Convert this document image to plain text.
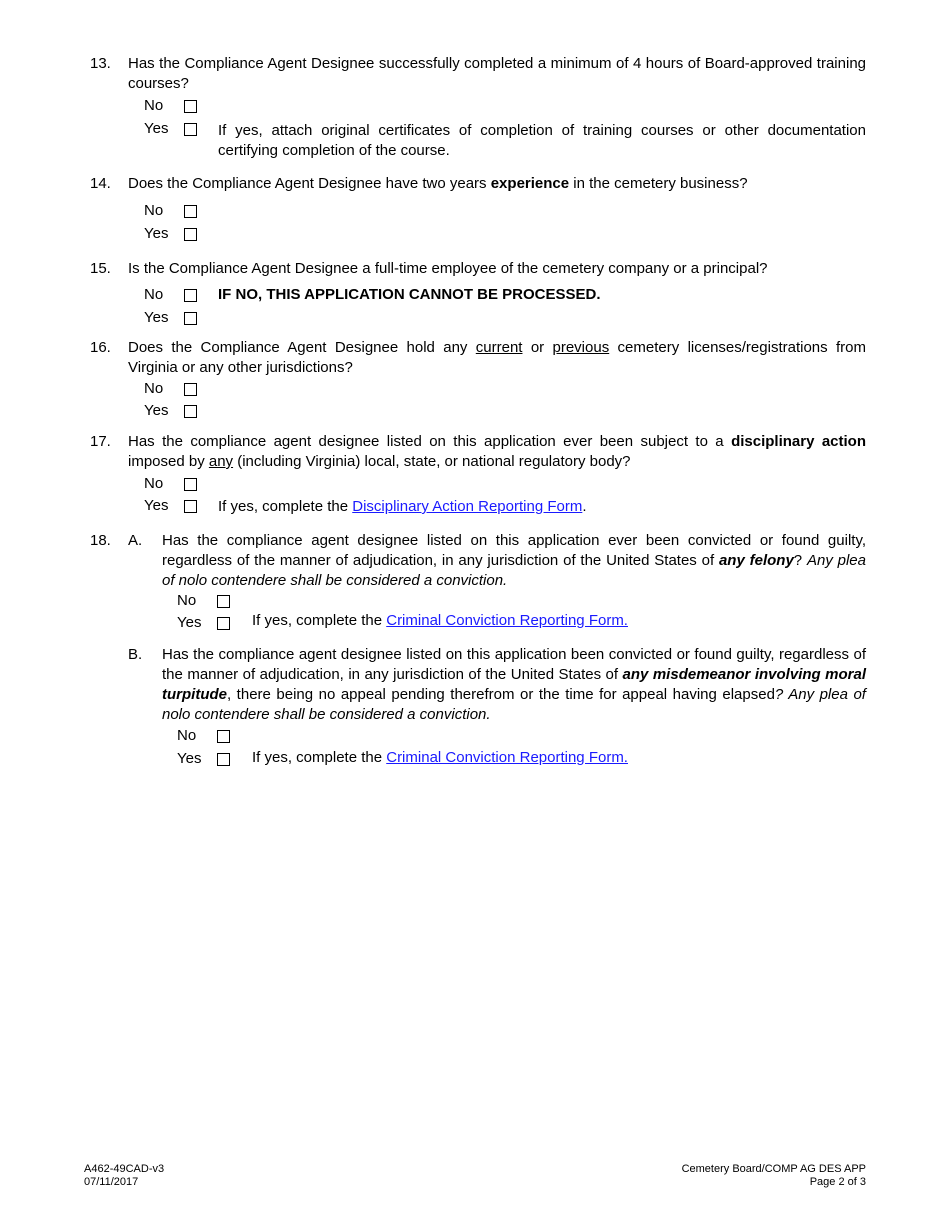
13. Has the Compliance Agent Designee successfully completed a minimum of 4 hours of Board-approved training courses?
No
Yes	If yes, attach original certificates of completion of training courses or other documentation certifying completion of the course.
14. Does the Compliance Agent Designee have two years experience in the cemetery business?
No
Yes
15. Is the Compliance Agent Designee a full-time employee of the cemetery company or a principal?
No	IF NO, THIS APPLICATION CANNOT BE PROCESSED.
Yes
16. Does the Compliance Agent Designee hold any current or previous cemetery licenses/registrations from Virginia or any other jurisdictions?
No
Yes
17. Has the compliance agent designee listed on this application ever been subject to a disciplinary action imposed by any (including Virginia) local, state, or national regulatory body?
No
Yes	If yes, complete the Disciplinary Action Reporting Form.
18. A. Has the compliance agent designee listed on this application ever been convicted or found guilty, regardless of the manner of adjudication, in any jurisdiction of the United States of any felony? Any plea of nolo contendere shall be considered a conviction.
No
Yes	If yes, complete the Criminal Conviction Reporting Form.
B. Has the compliance agent designee listed on this application been convicted or found guilty, regardless of the manner of adjudication, in any jurisdiction of the United States of any misdemeanor involving moral turpitude, there being no appeal pending therefrom or the time for appeal having elapsed? Any plea of nolo contendere shall be considered a conviction.
No
Yes	If yes, complete the Criminal Conviction Reporting Form.
A462-49CAD-v3
07/11/2017
Cemetery Board/COMP AG DES APP
Page 2 of 3
